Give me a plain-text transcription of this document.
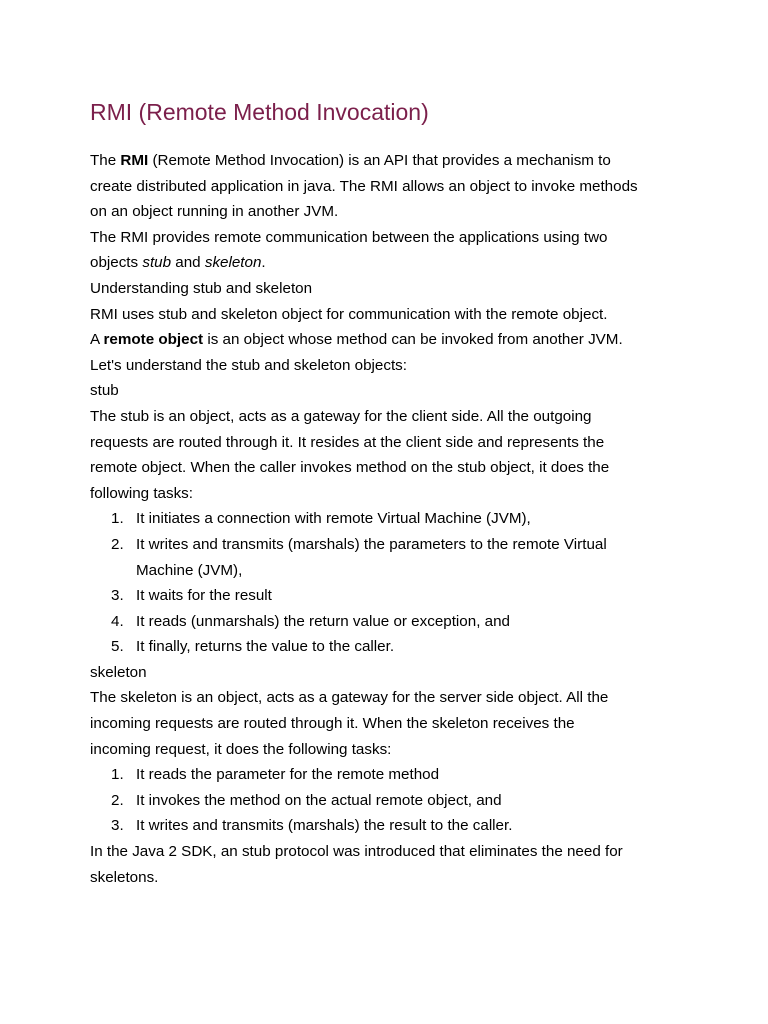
RMI (Remote Method Invocation)

The RMI (Remote Method Invocation) is an API that provides a mechanism to

create distributed application in java. The RMI allows an object to invoke methods

on an object running in another JVM.

The RMI provides remote communication between the applications using two

objects stub and skeleton.

Understanding stub and skeleton

RMI uses stub and skeleton object for communication with the remote object.

A remote object is an object whose method can be invoked from another JVM.

Let's understand the stub and skeleton objects:

stub

The stub is an object, acts as a gateway for the client side. All the outgoing

requests are routed through it. It resides at the client side and represents the

remote object. When the caller invokes method on the stub object, it does the

following tasks:

1. It initiates a connection with remote Virtual Machine (JVM),
2. It writes and transmits (marshals) the parameters to the remote Virtual
Machine (JVM),
3. It waits for the result
4. It reads (unmarshals) the return value or exception, and
5. It finally, returns the value to the caller.

skeleton

The skeleton is an object, acts as a gateway for the server side object. All the

incoming requests are routed through it. When the skeleton receives the

incoming request, it does the following tasks:

1. It reads the parameter for the remote method
2. It invokes the method on the actual remote object, and
3. It writes and transmits (marshals) the result to the caller.

In the Java 2 SDK, an stub protocol was introduced that eliminates the need for

skeletons.
